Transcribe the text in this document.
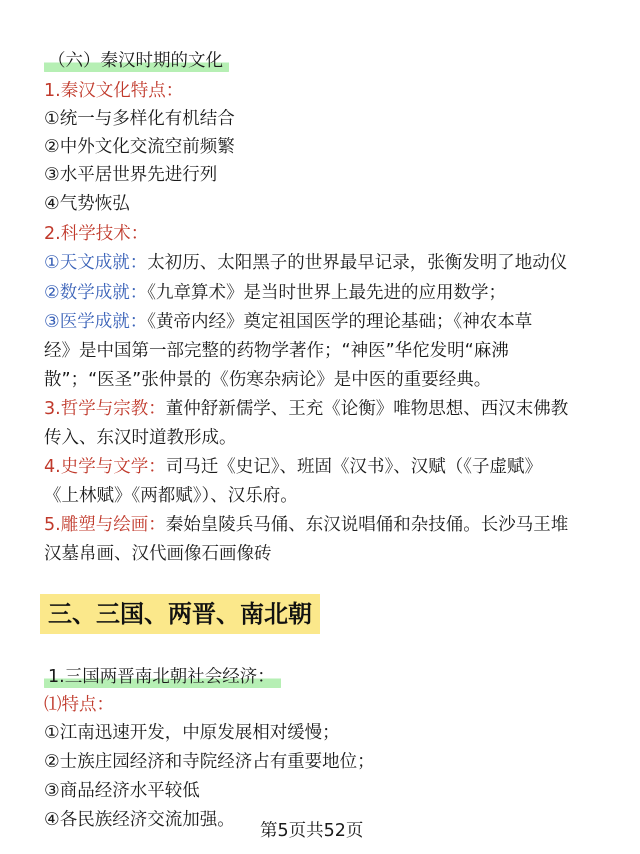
（六）秦汉时期的文化
1.秦汉文化特点：
①统一与多样化有机结合
②中外文化交流空前频繁
③水平居世界先进行列
④气势恢弘
2.科学技术：
①天文成就：太初历、太阳黑子的世界最早记录，张衡发明了地动仪
②数学成就：《九章算术》是当时世界上最先进的应用数学；
③医学成就：《黄帝内经》奠定祖国医学的理论基础；《神农本草
经》是中国第一部完整的药物学著作；“神医”华佗发明“麻沸
散”；“医圣”张仲景的《伤寒杂病论》是中医的重要经典。
3.哲学与宗教：董仲舒新儒学、王充《论衡》唯物思想、西汉末佛教
传入、东汉时道教形成。
4.史学与文学：司马迁《史记》、班固《汉书》、汉赋（《子虚赋》
《上林赋》《两都赋》）、汉乐府。
5.雕塑与绘画：秦始皇陵兵马俑、东汉说唱俑和杂技俑。长沙马王堆
汉墓帛画、汉代画像石画像砖
三、三国、两晋、南北朝
1.三国两晋南北朝社会经济：
⑴特点：
①江南迅速开发，中原发展相对缓慢；
②士族庄园经济和寺院经济占有重要地位；
③商品经济水平较低
④各民族经济交流加强。
第5页共52页
